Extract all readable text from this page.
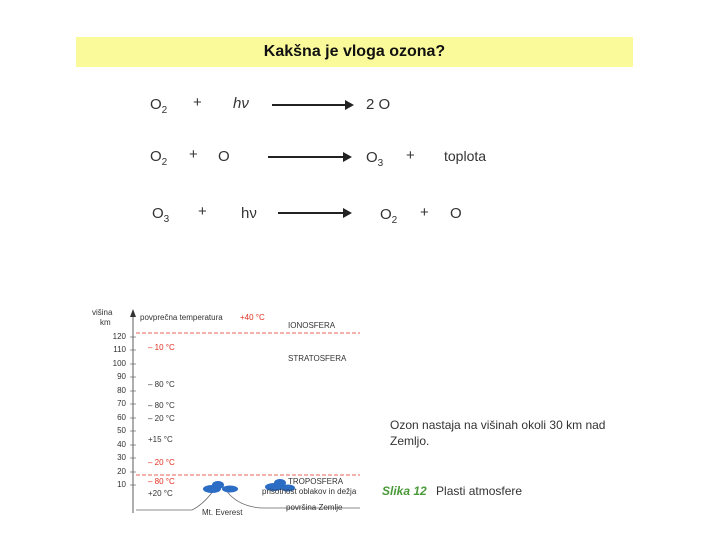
Kakšna je vloga ozona?
$O_2 + h\nu$	2 O
$O_2 + O$	$O_3$ + toplota
$O_3 + h\nu$	$O_2 + O$
višina
km
120
110
100
90
80
70
60
50
40
30
20
10
povprečna temperatura +40 °C
– 10 °C
– 80 °C
– 80 °C
– 20 °C
+15 °C
– 20 °C
– 80 °C
+20 °C
IONOSFERA
STRATOSFERA
TROPOSFERA
prisotnost oblakov in dežja
Mt. Everest
površina Zemlje
Ozon nastaja na višinah okoli 30 km nad Zemljo.
Slika 12 Plasti atmosfere
